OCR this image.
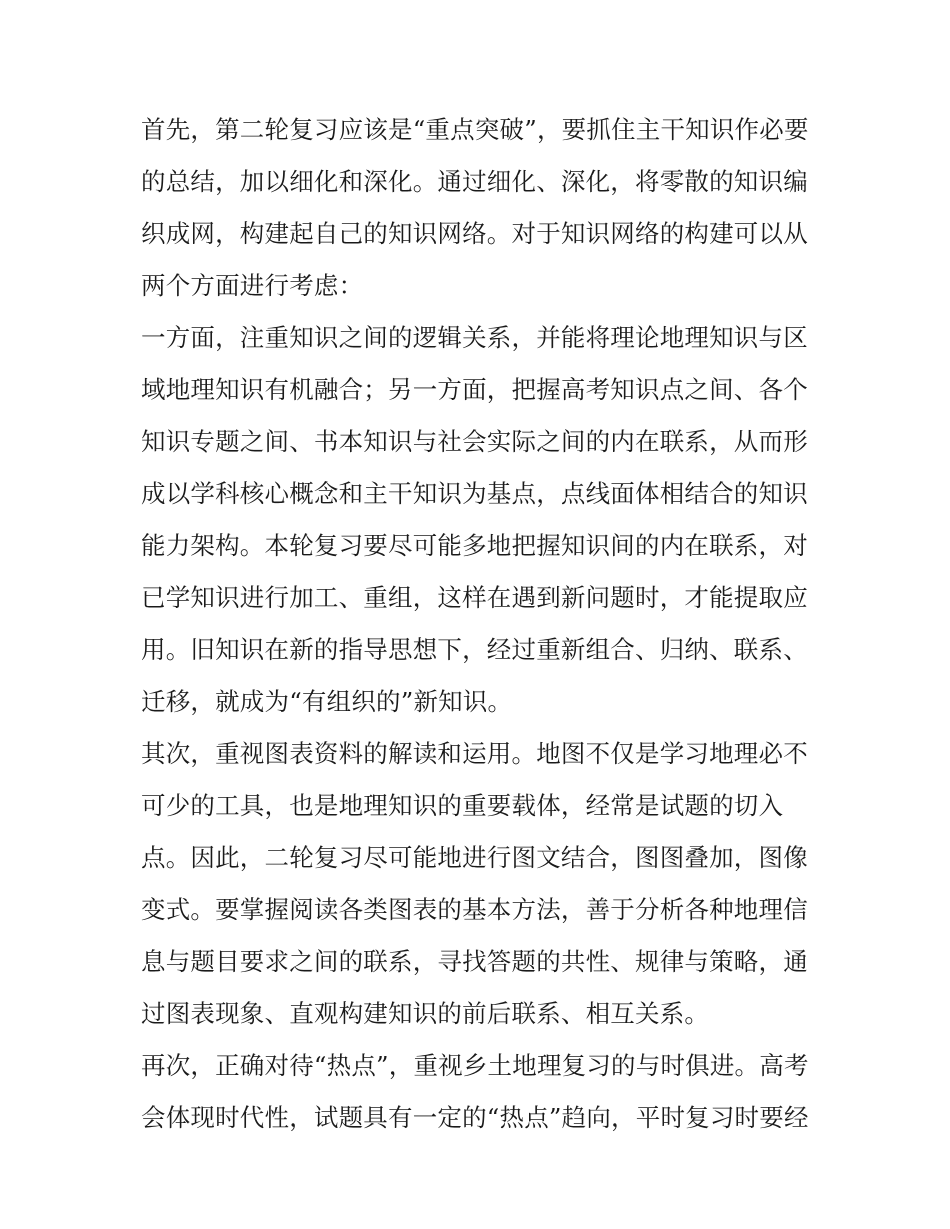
首先，第二轮复习应该是“重点突破”，要抓住主干知识作必要
的总结，加以细化和深化。通过细化、深化，将零散的知识编
织成网，构建起自己的知识网络。对于知识网络的构建可以从
两个方面进行考虑：
一方面，注重知识之间的逻辑关系，并能将理论地理知识与区
域地理知识有机融合；另一方面，把握高考知识点之间、各个
知识专题之间、书本知识与社会实际之间的内在联系，从而形
成以学科核心概念和主干知识为基点，点线面体相结合的知识
能力架构。本轮复习要尽可能多地把握知识间的内在联系，对
已学知识进行加工、重组，这样在遇到新问题时，才能提取应
用。旧知识在新的指导思想下，经过重新组合、归纳、联系、
迁移，就成为“有组织的”新知识。
其次，重视图表资料的解读和运用。地图不仅是学习地理必不
可少的工具，也是地理知识的重要载体，经常是试题的切入
点。因此，二轮复习尽可能地进行图文结合，图图叠加，图像
变式。要掌握阅读各类图表的基本方法，善于分析各种地理信
息与题目要求之间的联系，寻找答题的共性、规律与策略，通
过图表现象、直观构建知识的前后联系、相互关系。
再次，正确对待“热点”，重视乡土地理复习的与时俱进。高考
会体现时代性，试题具有一定的“热点”趋向，平时复习时要经
